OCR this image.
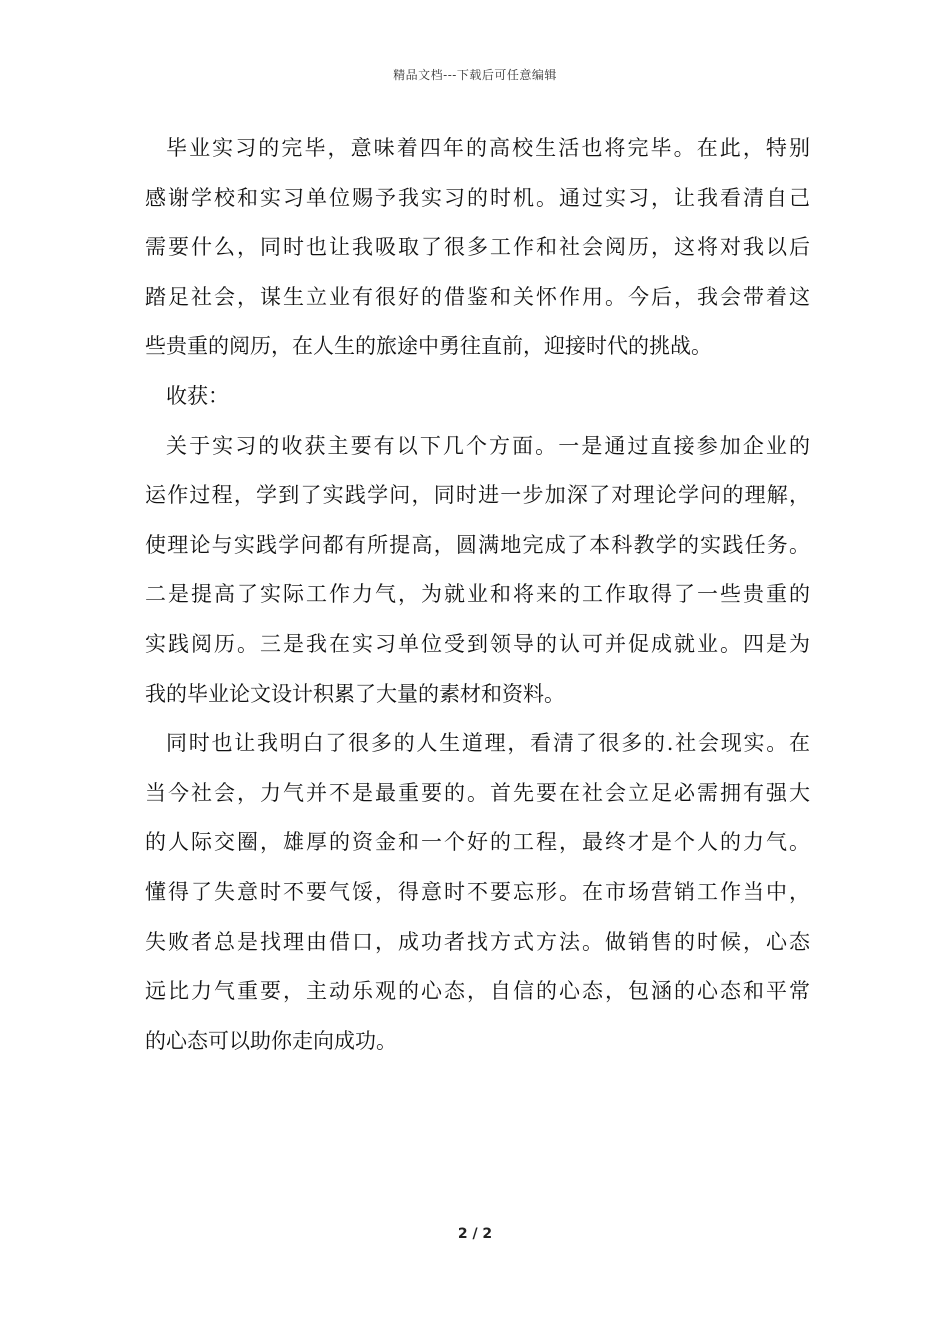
精品文档---下载后可任意编辑
毕业实习的完毕，意味着四年的高校生活也将完毕。在此，特别
感谢学校和实习单位赐予我实习的时机。通过实习，让我看清自己
需要什么，同时也让我吸取了很多工作和社会阅历，这将对我以后
踏足社会，谋生立业有很好的借鉴和关怀作用。今后，我会带着这
些贵重的阅历，在人生的旅途中勇往直前，迎接时代的挑战。
收获：
关于实习的收获主要有以下几个方面。一是通过直接参加企业的
运作过程，学到了实践学问，同时进一步加深了对理论学问的理解，
使理论与实践学问都有所提高，圆满地完成了本科教学的实践任务。
二是提高了实际工作力气，为就业和将来的工作取得了一些贵重的
实践阅历。三是我在实习单位受到领导的认可并促成就业。四是为
我的毕业论文设计积累了大量的素材和资料。
同时也让我明白了很多的人生道理，看清了很多的.社会现实。在
当今社会，力气并不是最重要的。首先要在社会立足必需拥有强大
的人际交圈，雄厚的资金和一个好的工程，最终才是个人的力气。
懂得了失意时不要气馁，得意时不要忘形。在市场营销工作当中，
失败者总是找理由借口，成功者找方式方法。做销售的时候，心态
远比力气重要，主动乐观的心态，自信的心态，包涵的心态和平常
的心态可以助你走向成功。
2 / 2
